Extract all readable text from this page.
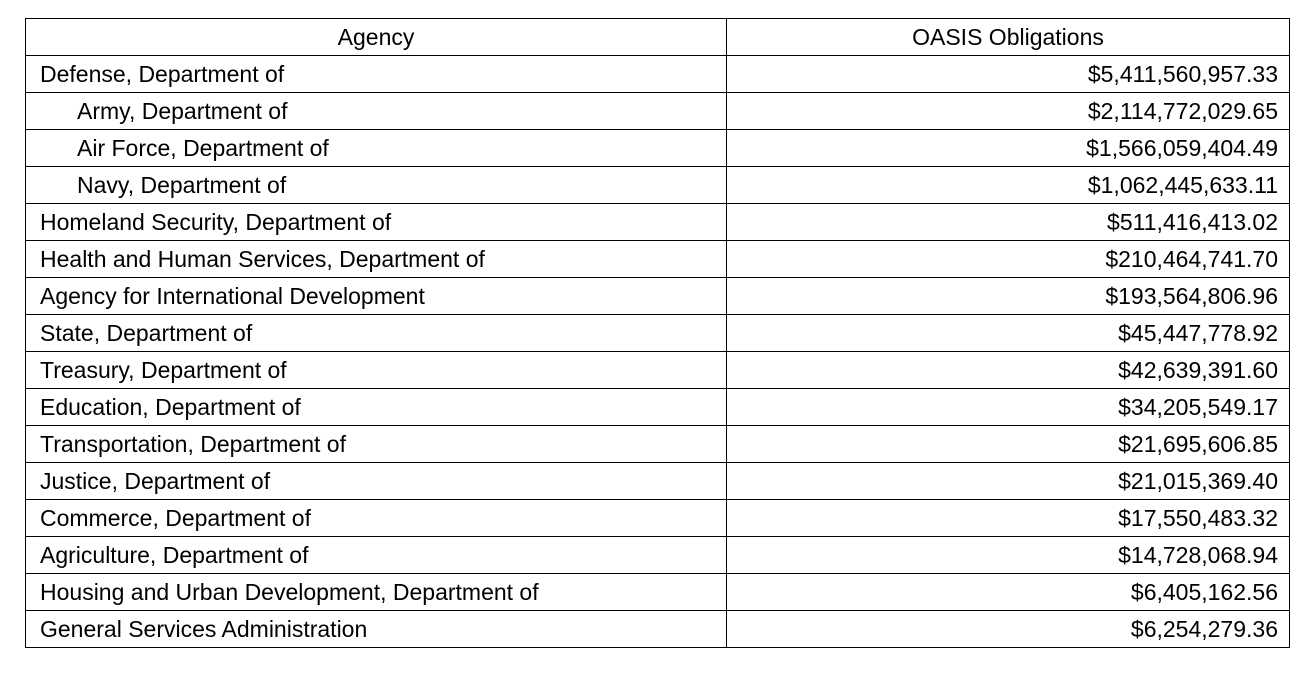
Agency	OASIS Obligations
Defense, Department of	$5,411,560,957.33
Army, Department of	$2,114,772,029.65
Air Force, Department of	$1,566,059,404.49
Navy, Department of	$1,062,445,633.11
Homeland Security, Department of	$511,416,413.02
Health and Human Services, Department of	$210,464,741.70
Agency for International Development	$193,564,806.96
State, Department of	$45,447,778.92
Treasury, Department of	$42,639,391.60
Education, Department of	$34,205,549.17
Transportation, Department of	$21,695,606.85
Justice, Department of	$21,015,369.40
Commerce, Department of	$17,550,483.32
Agriculture, Department of	$14,728,068.94
Housing and Urban Development, Department of	$6,405,162.56
General Services Administration	$6,254,279.36
